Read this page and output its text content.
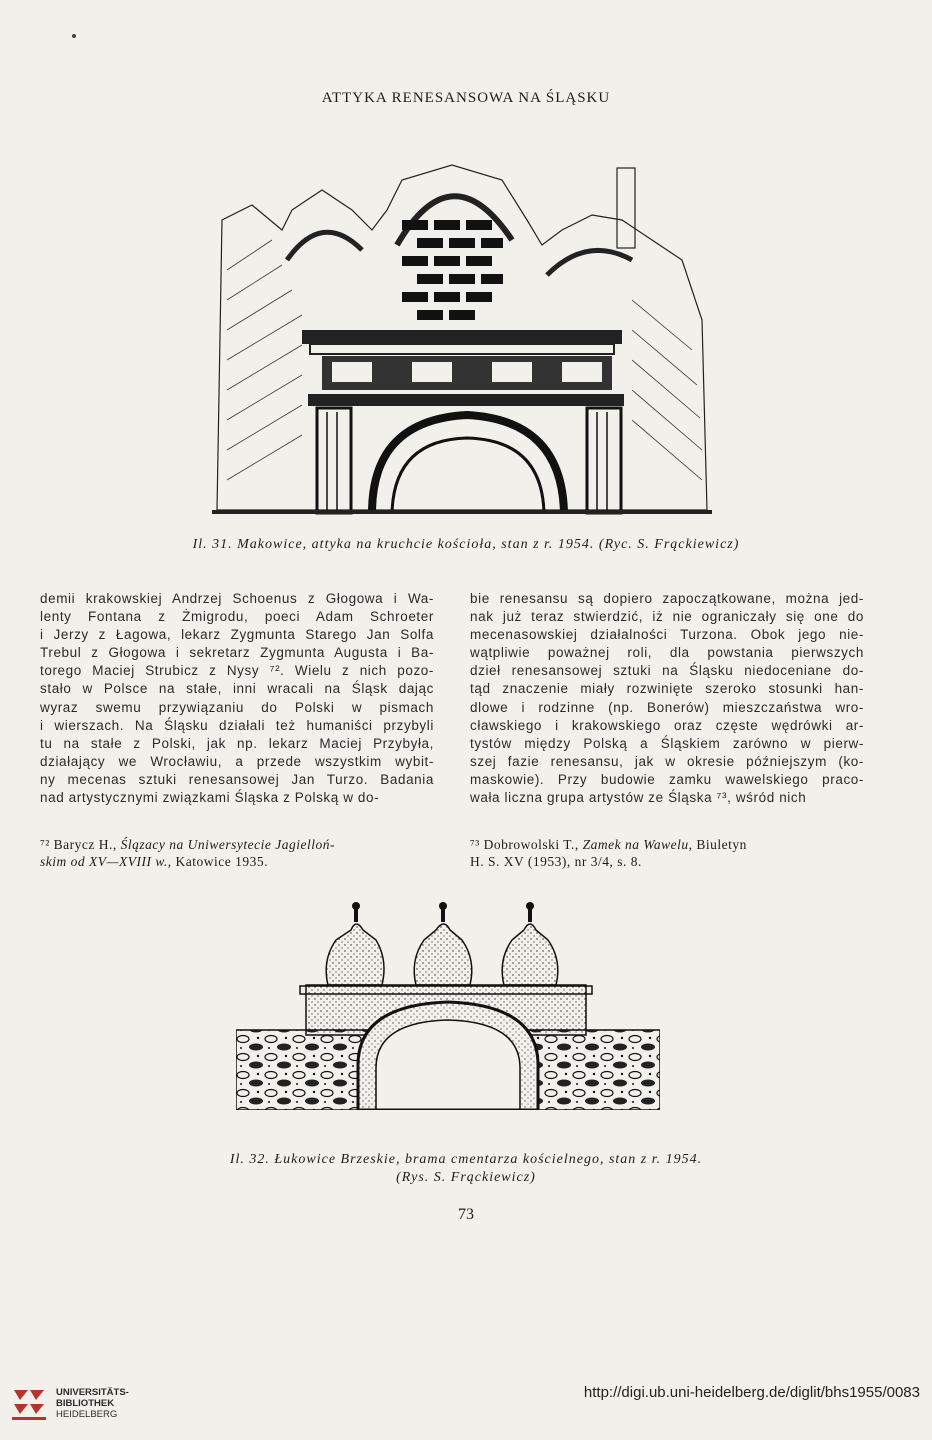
ATTYKA RENESANSOWA NA ŚLĄSKU
Il. 31. Makowice, attyka na kruchcie kościoła, stan z r. 1954. (Ryc. S. Frąckiewicz)
demii krakowskiej Andrzej Schoenus z Głogowa i Wa-
lenty Fontana z Żmigrodu, poeci Adam Schroeter
i Jerzy z Łagowa, lekarz Zygmunta Starego Jan Solfa
Trebul z Głogowa i sekretarz Zygmunta Augusta i Ba-
torego Maciej Strubicz z Nysy ⁷². Wielu z nich pozo-
stało w Polsce na stałe, inni wracali na Śląsk dając
wyraz swemu przywiązaniu do Polski w pismach
i wierszach. Na Śląsku działali też humaniści przybyli
tu na stałe z Polski, jak np. lekarz Maciej Przybyła,
działający we Wrocławiu, a przede wszystkim wybit-
ny mecenas sztuki renesansowej Jan Turzo. Badania
nad artystycznymi związkami Śląska z Polską w do-
bie renesansu są dopiero zapoczątkowane, można jed-
nak już teraz stwierdzić, iż nie ograniczały się one do
mecenasowskiej działalności Turzona. Obok jego nie-
wątpliwie poważnej roli, dla powstania pierwszych
dzieł renesansowej sztuki na Śląsku niedoceniane do-
tąd znaczenie miały rozwinięte szeroko stosunki han-
dlowe i rodzinne (np. Bonerów) mieszczaństwa wro-
cławskiego i krakowskiego oraz częste wędrówki ar-
tystów między Polską a Śląskiem zarówno w pierw-
szej fazie renesansu, jak w okresie późniejszym (ko-
maskowie). Przy budowie zamku wawelskiego praco-
wała liczna grupa artystów ze Śląska ⁷³, wśród nich
⁷² Barycz H., Ślązacy na Uniwersytecie Jagielloń-
skim od XV—XVIII w., Katowice 1935.
⁷³ Dobrowolski T., Zamek na Wawelu, Biuletyn
H. S. XV (1953), nr 3/4, s. 8.
Il. 32. Łukowice Brzeskie, brama cmentarza kościelnego, stan z r. 1954.
(Rys. S. Frąckiewicz)
73
UNIVERSITÄTS-
BIBLIOTHEK
HEIDELBERG
http://digi.ub.uni-heidelberg.de/diglit/bhs1955/0083
